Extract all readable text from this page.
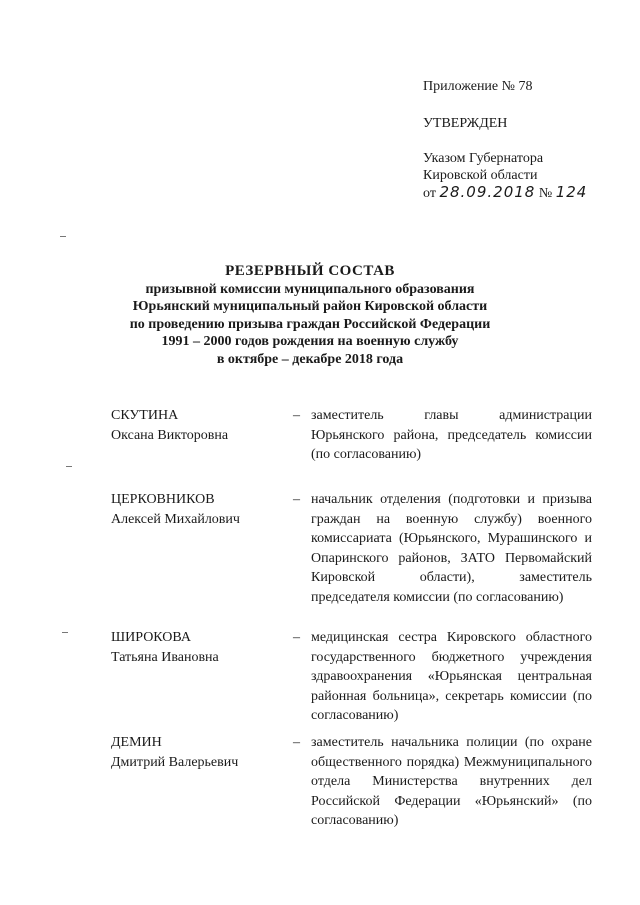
Приложение № 78
УТВЕРЖДЕН
Указом Губернатора
Кировской области
от 28.09.2018 № 124
РЕЗЕРВНЫЙ СОСТАВ
призывной комиссии муниципального образования
Юрьянский муниципальный район Кировской области
по проведению призыва граждан Российской Федерации
1991 – 2000 годов рождения на военную службу
в октябре – декабре 2018 года
СКУТИНА
Оксана Викторовна
– заместитель главы администрации Юрьянского района, председатель комиссии (по согласованию)
ЦЕРКОВНИКОВ
Алексей Михайлович
– начальник отделения (подготовки и призыва граждан на военную службу) военного комиссариата (Юрьянского, Мурашинского и Опаринского районов, ЗАТО Первомайский Кировской области), заместитель председателя комиссии (по согласованию)
ШИРОКОВА
Татьяна Ивановна
– медицинская сестра Кировского областного государственного бюджетного учреждения здравоохранения «Юрьянская центральная районная больница», секретарь комиссии (по согласованию)
ДЕМИН
Дмитрий Валерьевич
– заместитель начальника полиции (по охране общественного порядка) Межмуниципального отдела Министерства внутренних дел Российской Федерации «Юрьянский» (по согласованию)
